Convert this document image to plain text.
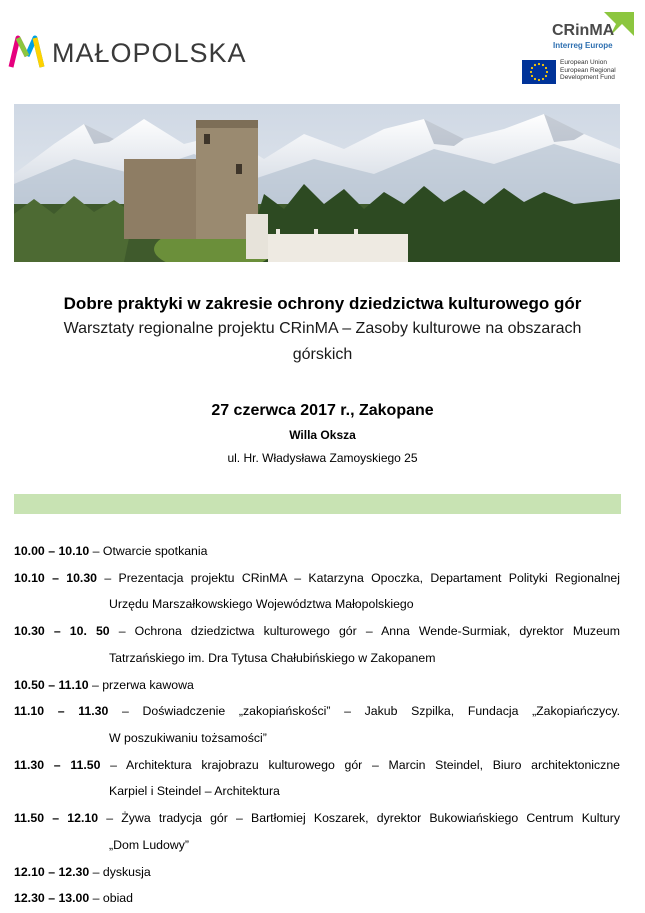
MAŁOPOLSKA
CRinMA
Interreg Europe
European Union
European Regional
Development Fund
Dobre praktyki w zakresie ochrony dziedzictwa kulturowego gór
Warsztaty regionalne projektu CRinMA – Zasoby kulturowe na obszarach
górskich
27 czerwca 2017 r., Zakopane
Willa Oksza
ul. Hr. Władysława Zamoyskiego 25
10.00 – 10.10 – Otwarcie spotkania
10.10 – 10.30 – Prezentacja projektu CRinMA – Katarzyna Opoczka, Departament Polityki Regionalnej
Urzędu Marszałkowskiego Województwa Małopolskiego
10.30 – 10. 50 – Ochrona dziedzictwa kulturowego gór – Anna Wende-Surmiak, dyrektor Muzeum
Tatrzańskiego im. Dra Tytusa Chałubińskiego w Zakopanem
10.50 – 11.10 – przerwa kawowa
11.10 – 11.30 – Doświadczenie „zakopiańskości” – Jakub Szpilka, Fundacja „Zakopiańczycy.
W poszukiwaniu tożsamości”
11.30 – 11.50 – Architektura krajobrazu kulturowego gór – Marcin Steindel, Biuro architektoniczne
Karpiel i Steindel – Architektura
11.50 – 12.10 – Żywa tradycja gór – Bartłomiej Koszarek, dyrektor Bukowiańskiego Centrum Kultury
„Dom Ludowy”
12.10 – 12.30 – dyskusja
12.30 – 13.00 – obiad
